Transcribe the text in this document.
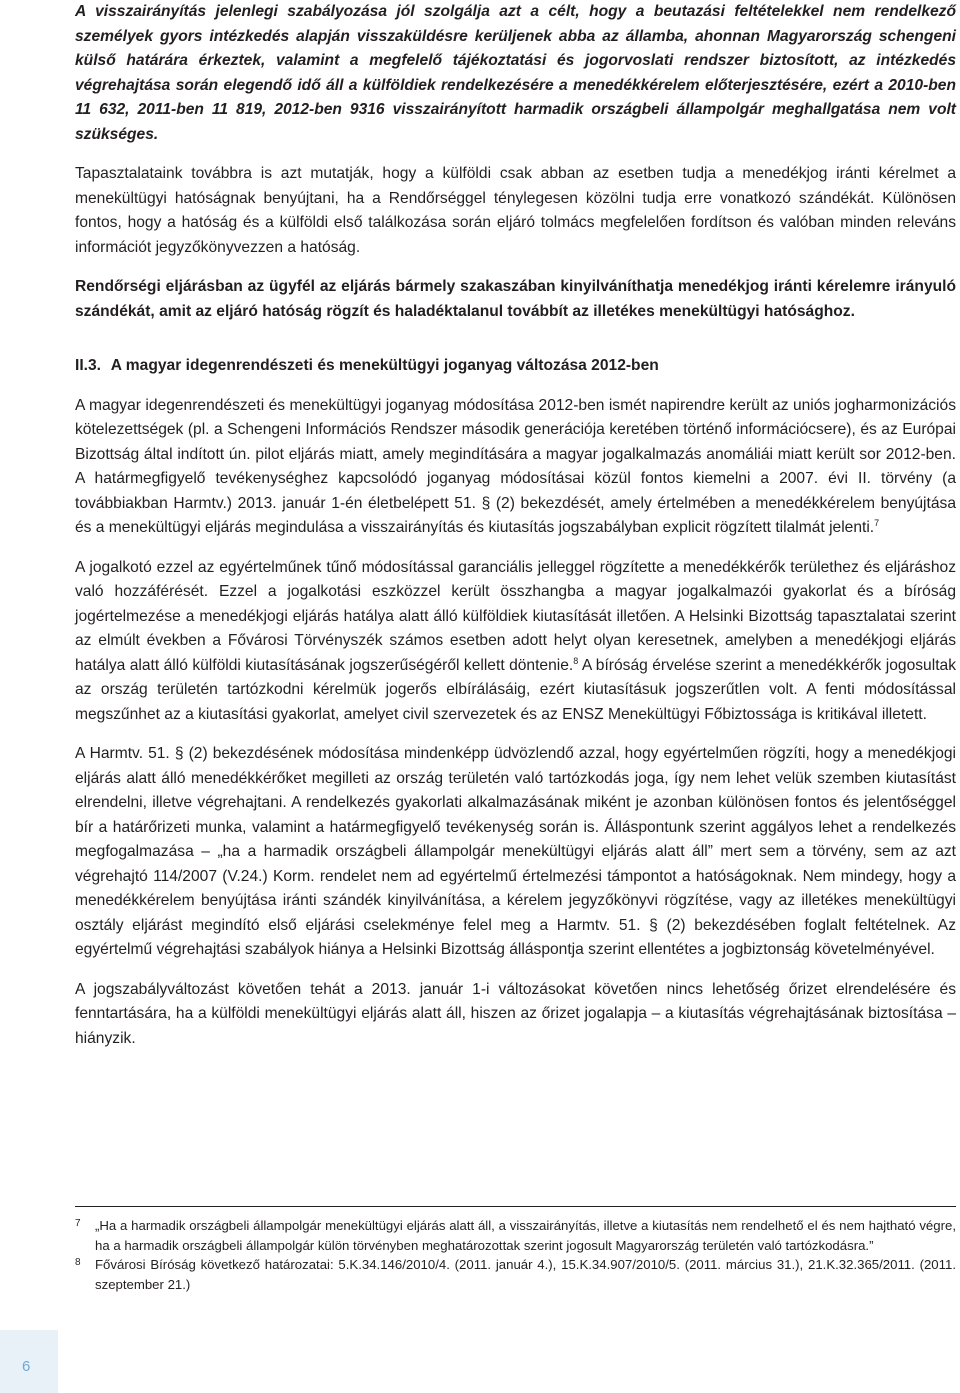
A visszairányítás jelenlegi szabályozása jól szolgálja azt a célt, hogy a beutazási feltételekkel nem rendelkező személyek gyors intézkedés alapján visszaküldésre kerüljenek abba az államba, ahonnan Magyarország schengeni külső határára érkeztek, valamint a megfelelő tájékoztatási és jogorvoslati rendszer biztosított, az intézkedés végrehajtása során elegendő idő áll a külföldiek rendelkezésére a menedékkérelem előterjesztésére, ezért a 2010-ben 11 632, 2011-ben 11 819, 2012-ben 9316 visszairányított harmadik országbeli állampolgár meghallgatása nem volt szükséges.

Tapasztalataink továbbra is azt mutatják, hogy a külföldi csak abban az esetben tudja a menedékjog iránti kérelmet a menekültügyi hatóságnak benyújtani, ha a Rendőrséggel ténylegesen közölni tudja erre vonatkozó szándékát. Különösen fontos, hogy a hatóság és a külföldi első találkozása során eljáró tolmács megfelelően fordítson és valóban minden releváns információt jegyzőkönyvezzen a hatóság.

Rendőrségi eljárásban az ügyfél az eljárás bármely szakaszában kinyilváníthatja menedékjog iránti kérelemre irányuló szándékát, amit az eljáró hatóság rögzít és haladéktalanul továbbít az illetékes menekültügyi hatósághoz.

II.3. A magyar idegenrendészeti és menekültügyi joganyag változása 2012-ben

A magyar idegenrendészeti és menekültügyi joganyag módosítása 2012-ben ismét napirendre került az uniós jogharmonizációs kötelezettségek (pl. a Schengeni Információs Rendszer második generációja keretében történő információcsere), és az Európai Bizottság által indított ún. pilot eljárás miatt, amely megindítására a magyar jogalkalmazás anomáliái miatt került sor 2012-ben. A határmegfigyelő tevékenységhez kapcsolódó joganyag módosításai közül fontos kiemelni a 2007. évi II. törvény (a továbbiakban Harmtv.) 2013. január 1-én életbelépett 51. § (2) bekezdését, amely értelmében a menedékkérelem benyújtása és a menekültügyi eljárás megindulása a visszairányítás és kiutasítás jogszabályban explicit rögzített tilalmát jelenti.$^7$

A jogalkotó ezzel az egyértelműnek tűnő módosítással garanciális jelleggel rögzítette a menedékkérők területhez és eljáráshoz való hozzáférését. Ezzel a jogalkotási eszközzel került összhangba a magyar jogalkalmazói gyakorlat és a bíróság jogértelmezése a menedékjogi eljárás hatálya alatt álló külföldiek kiutasítását illetően. A Helsinki Bizottság tapasztalatai szerint az elmúlt években a Fővárosi Törvényszék számos esetben adott helyt olyan keresetnek, amelyben a menedékjogi eljárás hatálya alatt álló külföldi kiutasításának jogszerűségéről kellett döntenie.$^8$ A bíróság érvelése szerint a menedékkérők jogosultak az ország területén tartózkodni kérelmük jogerős elbírálásáig, ezért kiutasításuk jogszerűtlen volt. A fenti módosítással megszűnhet az a kiutasítási gyakorlat, amelyet civil szervezetek és az ENSZ Menekültügyi Főbiztossága is kritikával illetett.

A Harmtv. 51. § (2) bekezdésének módosítása mindenképp üdvözlendő azzal, hogy egyértelműen rögzíti, hogy a menedékjogi eljárás alatt álló menedékkérőket megilleti az ország területén való tartózkodás joga, így nem lehet velük szemben kiutasítást elrendelni, illetve végrehajtani. A rendelkezés gyakorlati alkalmazásának miként je azonban különösen fontos és jelentőséggel bír a határőrizeti munka, valamint a határmegfigyelő tevékenység során is. Álláspontunk szerint aggályos lehet a rendelkezés megfogalmazása – „ha a harmadik országbeli állampolgár menekültügyi eljárás alatt áll” mert sem a törvény, sem az azt végrehajtó 114/2007 (V.24.) Korm. rendelet nem ad egyértelmű értelmezési támpontot a hatóságoknak. Nem mindegy, hogy a menedékkérelem benyújtása iránti szándék kinyilvánítása, a kérelem jegyzőkönyvi rögzítése, vagy az illetékes menekültügyi osztály eljárást megindító első eljárási cselekménye felel meg a Harmtv. 51. § (2) bekezdésében foglalt feltételnek. Az egyértelmű végrehajtási szabályok hiánya a Helsinki Bizottság álláspontja szerint ellentétes a jogbiztonság követelményével.

A jogszabályváltozást követően tehát a 2013. január 1-i változásokat követően nincs lehetőség őrizet elrendelésére és fenntartására, ha a külföldi menekültügyi eljárás alatt áll, hiszen az őrizet jogalapja – a kiutasítás végrehajtásának biztosítása – hiányzik.

7	„Ha a harmadik országbeli állampolgár menekültügyi eljárás alatt áll, a visszairányítás, illetve a kiutasítás nem rendelhető el és nem hajtható végre, ha a harmadik országbeli állampolgár külön törvényben meghatározottak szerint jogosult Magyarország területén való tartózkodásra.”
8	Fővárosi Bíróság következő határozatai: 5.K.34.146/2010/4. (2011. január 4.), 15.K.34.907/2010/5. (2011. március 31.), 21.K.32.365/2011. (2011. szeptember 21.)
6
